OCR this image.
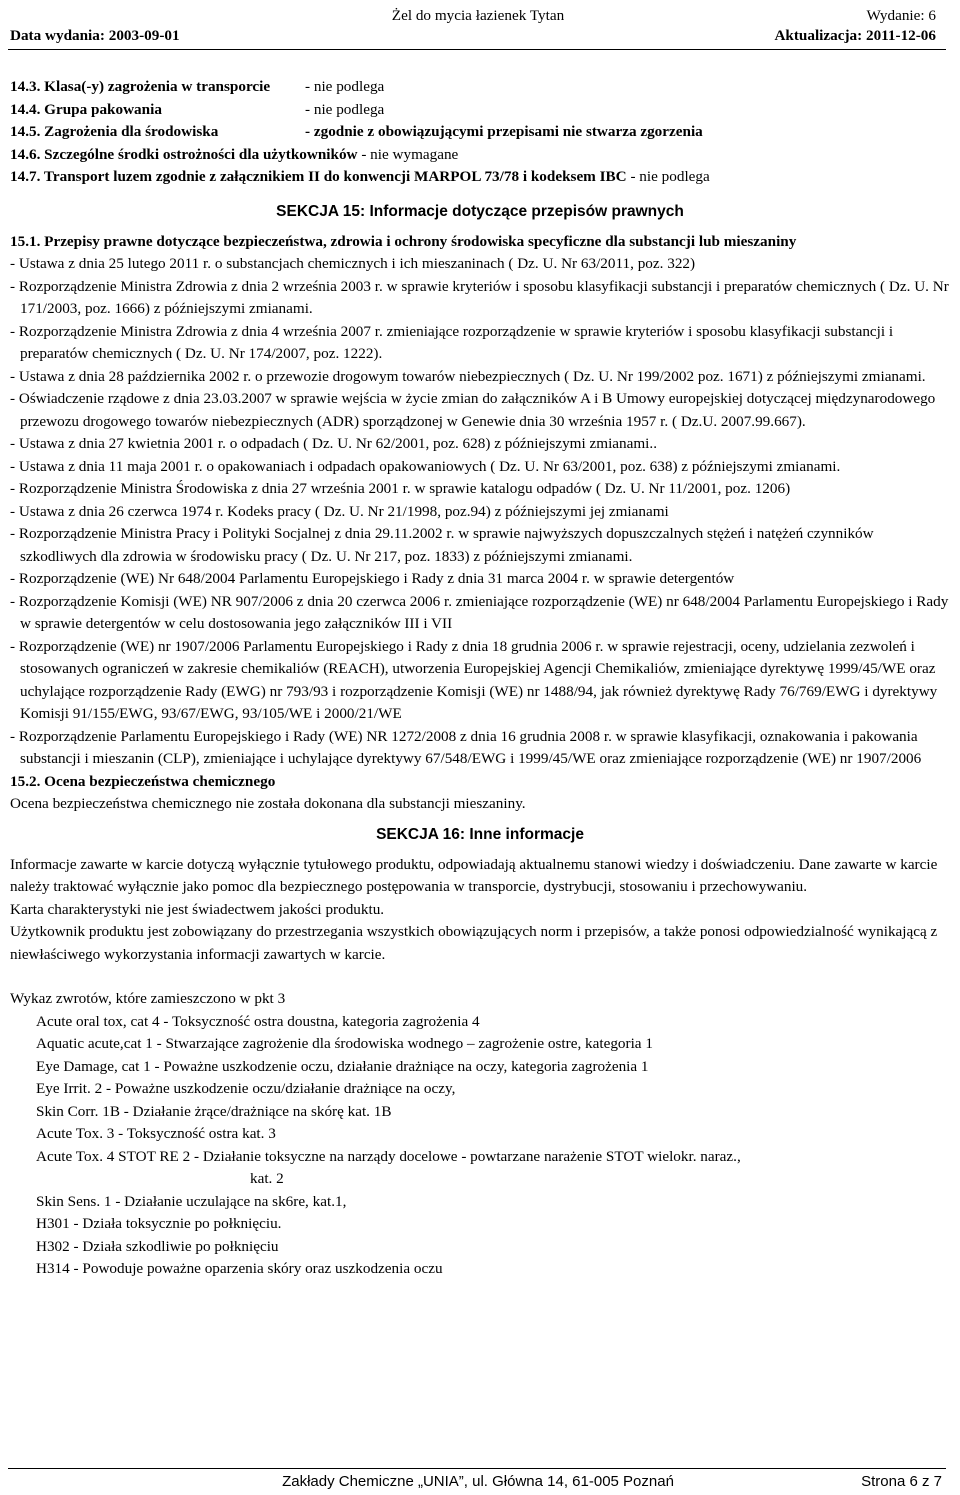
Żel do mycia łazienek Tytan	Wydanie: 6
Data wydania: 2003-09-01	Aktualizacja: 2011-12-06
14.3. Klasa(-y) zagrożenia w transporcie - nie podlega
14.4. Grupa pakowania	- nie podlega
14.5. Zagrożenia dla środowiska	- zgodnie z obowiązującymi przepisami nie stwarza zgorzenia
14.6. Szczególne środki ostrożności dla użytkowników - nie wymagane
14.7. Transport luzem zgodnie z załącznikiem II do konwencji MARPOL 73/78 i kodeksem IBC - nie podlega
SEKCJA 15: Informacje dotyczące przepisów prawnych
15.1. Przepisy prawne dotyczące bezpieczeństwa, zdrowia i ochrony środowiska specyficzne dla substancji lub mieszaniny
- Ustawa z dnia 25 lutego 2011 r. o substancjach chemicznych i ich mieszaninach ( Dz. U. Nr 63/2011, poz. 322)
- Rozporządzenie Ministra Zdrowia z dnia 2 września 2003 r. w sprawie kryteriów i sposobu klasyfikacji substancji i preparatów chemicznych ( Dz. U. Nr 171/2003, poz. 1666) z późniejszymi zmianami.
- Rozporządzenie Ministra Zdrowia z dnia 4 września 2007 r. zmieniające rozporządzenie w sprawie kryteriów i sposobu klasyfikacji substancji i preparatów chemicznych ( Dz. U. Nr 174/2007, poz. 1222).
- Ustawa z dnia 28 października 2002 r. o przewozie drogowym towarów niebezpiecznych ( Dz. U. Nr 199/2002 poz. 1671) z późniejszymi zmianami.
- Oświadczenie rządowe z dnia 23.03.2007 w sprawie wejścia w życie zmian do załączników A i B Umowy europejskiej dotyczącej międzynarodowego przewozu drogowego towarów niebezpiecznych (ADR) sporządzonej w Genewie dnia 30 września 1957 r. ( Dz.U. 2007.99.667).
- Ustawa z dnia 27 kwietnia 2001 r. o odpadach ( Dz. U. Nr 62/2001, poz. 628) z późniejszymi zmianami..
- Ustawa z dnia 11 maja 2001 r. o opakowaniach i odpadach opakowaniowych ( Dz. U. Nr 63/2001, poz. 638) z późniejszymi zmianami.
- Rozporządzenie Ministra Środowiska z dnia 27 września 2001 r. w sprawie katalogu odpadów ( Dz. U. Nr 11/2001, poz. 1206)
- Ustawa z dnia 26 czerwca 1974 r. Kodeks pracy ( Dz. U. Nr 21/1998, poz.94) z późniejszymi jej zmianami
- Rozporządzenie Ministra Pracy i Polityki Socjalnej z dnia 29.11.2002 r. w sprawie najwyższych dopuszczalnych stężeń i natężeń czynników szkodliwych dla zdrowia w środowisku pracy ( Dz. U. Nr 217, poz. 1833) z późniejszymi zmianami.
- Rozporządzenie (WE) Nr 648/2004 Parlamentu Europejskiego i Rady z dnia 31 marca 2004 r. w sprawie detergentów
- Rozporządzenie Komisji (WE) NR 907/2006 z dnia 20 czerwca 2006 r. zmieniające rozporządzenie (WE) nr 648/2004 Parlamentu Europejskiego i Rady w sprawie detergentów w celu dostosowania jego załączników III i VII
- Rozporządzenie (WE) nr 1907/2006 Parlamentu Europejskiego i Rady z dnia 18 grudnia 2006 r. w sprawie rejestracji, oceny, udzielania zezwoleń i stosowanych ograniczeń w zakresie chemikaliów (REACH), utworzenia Europejskiej Agencji Chemikaliów, zmieniające dyrektywę 1999/45/WE oraz uchylające rozporządzenie Rady (EWG) nr 793/93 i rozporządzenie Komisji (WE) nr 1488/94, jak również dyrektywę Rady 76/769/EWG i dyrektywy Komisji 91/155/EWG, 93/67/EWG, 93/105/WE i 2000/21/WE
- Rozporządzenie Parlamentu Europejskiego i Rady (WE) NR 1272/2008 z dnia 16 grudnia 2008 r. w sprawie klasyfikacji, oznakowania i pakowania substancji i mieszanin (CLP), zmieniające i uchylające dyrektywy 67/548/EWG i 1999/45/WE oraz zmieniające rozporządzenie (WE) nr 1907/2006
15.2. Ocena bezpieczeństwa chemicznego
Ocena bezpieczeństwa chemicznego nie została dokonana dla substancji mieszaniny.
SEKCJA 16: Inne informacje
Informacje zawarte w karcie dotyczą wyłącznie tytułowego produktu, odpowiadają aktualnemu stanowi wiedzy i doświadczeniu. Dane zawarte w karcie należy traktować wyłącznie jako pomoc dla bezpiecznego postępowania w transporcie, dystrybucji, stosowaniu i przechowywaniu.
Karta charakterystyki nie jest świadectwem jakości produktu.
Użytkownik produktu jest zobowiązany do przestrzegania wszystkich obowiązujących norm i przepisów, a także ponosi odpowiedzialność wynikającą z niewłaściwego wykorzystania informacji zawartych w karcie.
Wykaz zwrotów, które zamieszczono w pkt 3
Acute oral tox, cat 4 - Toksyczność ostra doustna, kategoria zagrożenia 4
Aquatic acute,cat 1 - Stwarzające zagrożenie dla środowiska wodnego – zagrożenie ostre, kategoria 1
Eye Damage, cat 1 - Poważne uszkodzenie oczu, działanie drażniące na oczy, kategoria zagrożenia 1
Eye Irrit. 2 - Poważne uszkodzenie oczu/działanie drażniące na oczy,
Skin Corr. 1B - Działanie żrące/drażniące na skórę kat. 1B
Acute Tox. 3 - Toksyczność ostra kat. 3
Acute Tox. 4 STOT RE 2 - Działanie toksyczne na narządy docelowe - powtarzane narażenie STOT wielokr. naraz.,
kat. 2
Skin Sens. 1 - Działanie uczulające na sk6re, kat.1,
H301 - Działa toksycznie po połknięciu.
H302 - Działa szkodliwie po połknięciu
H314 - Powoduje poważne oparzenia skóry oraz uszkodzenia oczu
Zakłady Chemiczne „UNIA”, ul. Główna 14, 61-005 Poznań	Strona 6 z 7
